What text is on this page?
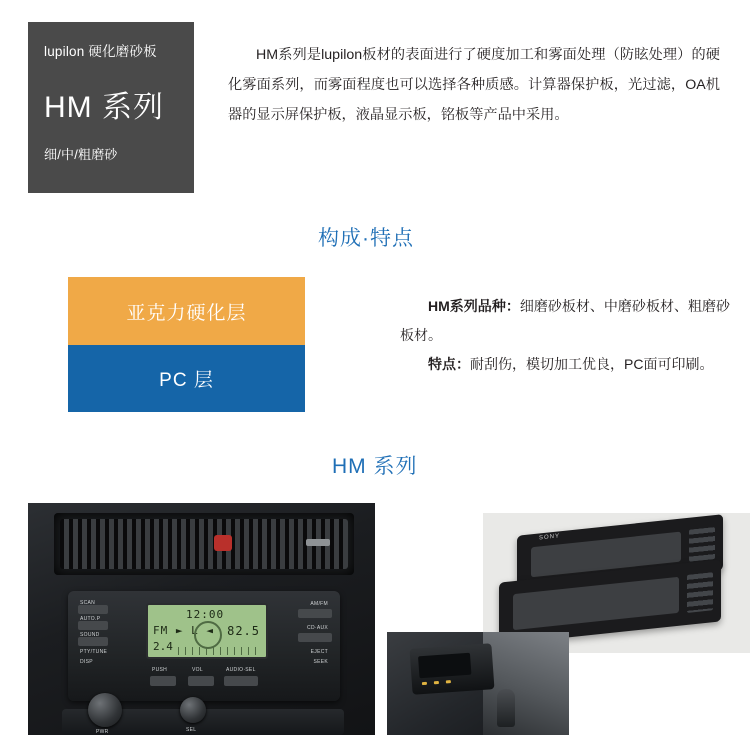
lupilon 硬化磨砂板
HM 系列
细/中/粗磨砂
HM系列是lupilon板材的表面进行了硬度加工和雾面处理（防眩处理）的硬化雾面系列，而雾面程度也可以选择各种质感。计算器保护板，光过滤，OA机器的显示屏保护板，液晶显示板，铭板等产品中采用。
构成·特点
亚克力硬化层
PC 层

HM系列品种：细磨砂板材、中磨砂板材、粗磨砂板材。

特点：耐刮伤，模切加工优良，PC面可印刷。

HM 系列
12:00
FM ► L ◄ 82.5
2.4
SCAN
AUTO.P
SOUND
PTY/TUNE
DISP
AM/FM
CD·AUX
EJECT
SEEK
PUSH	VOL	AUDIO·SEL
PWR	SEL
SONY
